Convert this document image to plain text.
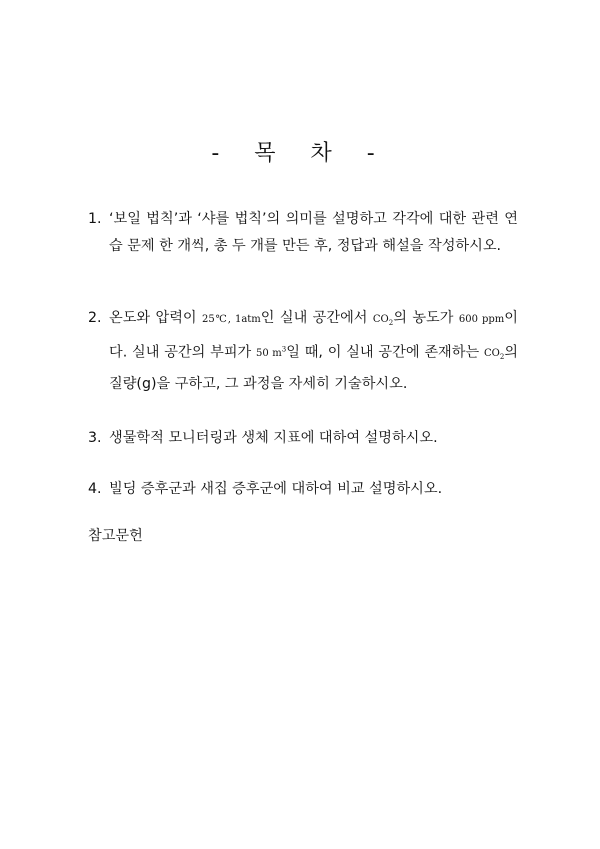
- 목 차 -
1. ‘보일 법칙’과 ‘샤를 법칙’의 의미를 설명하고 각각에 대한 관련 연습 문제 한 개씩, 총 두 개를 만든 후, 정답과 해설을 작성하시오.
2. 온도와 압력이 25℃, 1atm인 실내 공간에서 $CO_2$의 농도가 600 ppm이다. 실내 공간의 부피가 50 $m^3$일 때, 이 실내 공간에 존재하는 $CO_2$의 질량(g)을 구하고, 그 과정을 자세히 기술하시오.
3. 생물학적 모니터링과 생체 지표에 대하여 설명하시오.
4. 빌딩 증후군과 새집 증후군에 대하여 비교 설명하시오.
참고문헌
